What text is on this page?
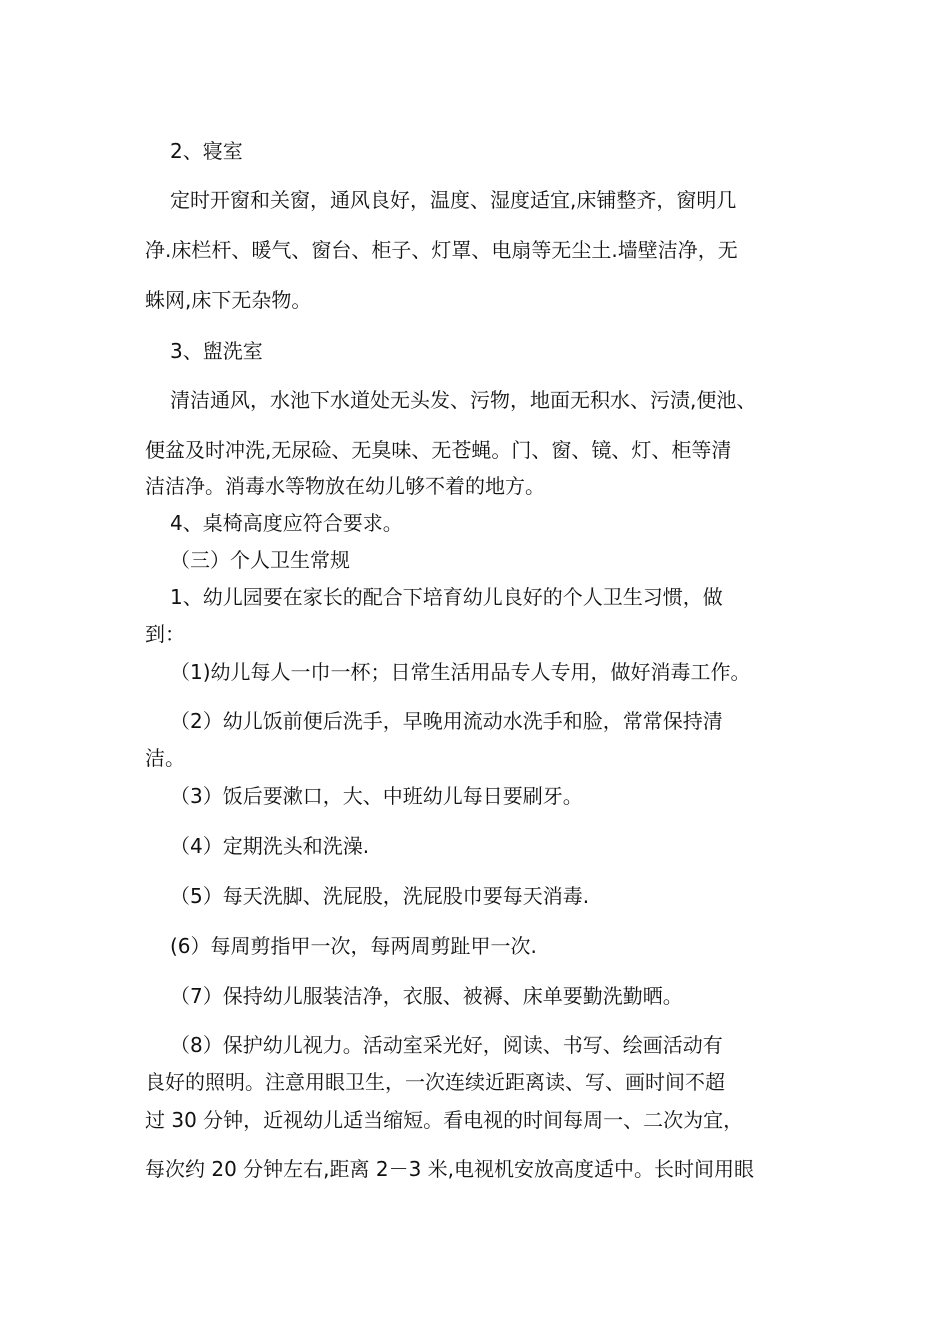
2、寝室
定时开窗和关窗，通风良好，温度、湿度适宜,床铺整齐，窗明几
净.床栏杆、暖气、窗台、柜子、灯罩、电扇等无尘土.墙壁洁净，无
蛛网,床下无杂物。
3、盥洗室
清洁通风，水池下水道处无头发、污物，地面无积水、污渍,便池、
便盆及时冲洗,无尿硷、无臭味、无苍蝇。门、窗、镜、灯、柜等清
洁洁净。消毒水等物放在幼儿够不着的地方。
4、桌椅高度应符合要求。
（三）个人卫生常规
1、幼儿园要在家长的配合下培育幼儿良好的个人卫生习惯，做
到：
（1)幼儿每人一巾一杯；日常生活用品专人专用，做好消毒工作。
（2）幼儿饭前便后洗手，早晚用流动水洗手和脸，常常保持清
洁。
（3）饭后要漱口，大、中班幼儿每日要刷牙。
（4）定期洗头和洗澡.
（5）每天洗脚、洗屁股，洗屁股巾要每天消毒.
(6）每周剪指甲一次，每两周剪趾甲一次.
（7）保持幼儿服装洁净，衣服、被褥、床单要勤洗勤晒。
（8）保护幼儿视力。活动室采光好，阅读、书写、绘画活动有
良好的照明。注意用眼卫生，一次连续近距离读、写、画时间不超
过 30 分钟，近视幼儿适当缩短。看电视的时间每周一、二次为宜，
每次约 20 分钟左右,距离 2－3 米,电视机安放高度适中。长时间用眼
